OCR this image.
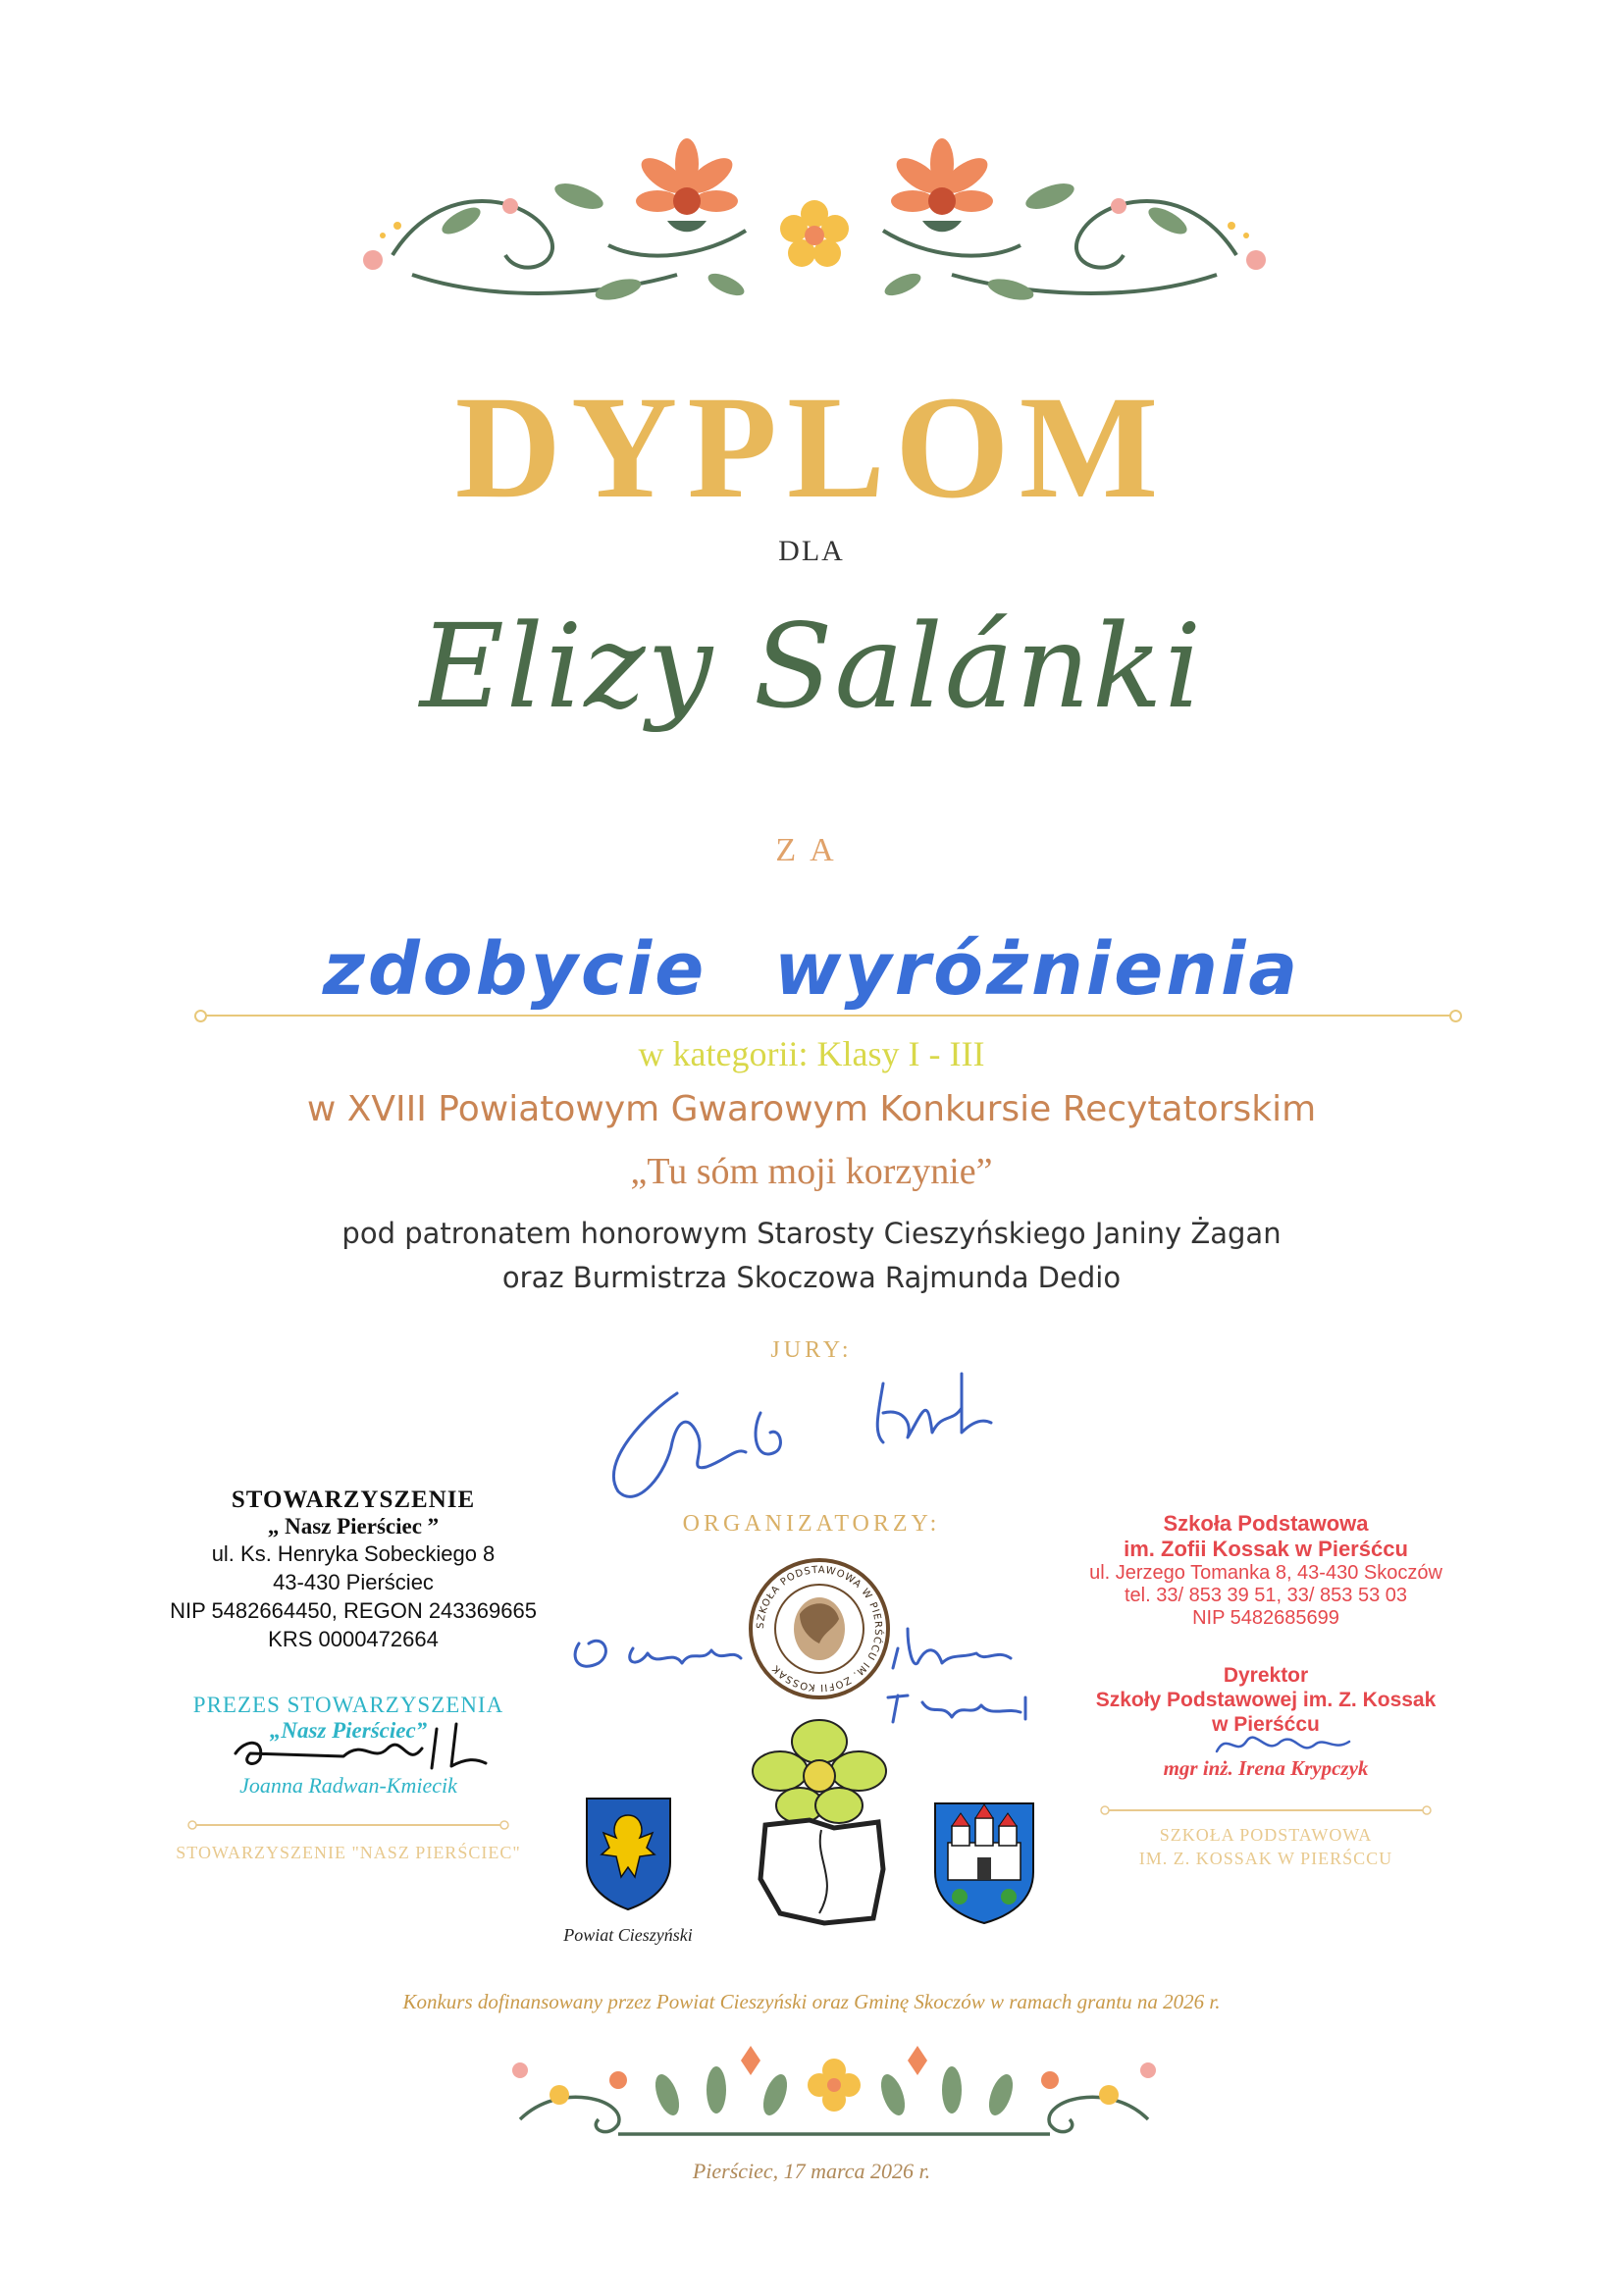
DYPLOM
DLA
Elizy Salánki
ZA
zdobycie wyróżnienia
w kategorii: Klasy I - III
w XVIII Powiatowym Gwarowym Konkursie Recytatorskim
„Tu sóm moji korzynie”
pod patronatem honorowym Starosty Cieszyńskiego Janiny Żagan
oraz Burmistrza Skoczowa Rajmunda Dedio
JURY:
ORGANIZATORZY:
STOWARZYSZENIE
„ Nasz Pierściec ”
ul. Ks. Henryka Sobeckiego 8
43-430 Pierściec
NIP 5482664450, REGON 243369665
KRS 0000472664
PREZES STOWARZYSZENIA
„Nasz Pierściec”
Joanna Radwan-Kmiecik
STOWARZYSZENIE "NASZ PIERŚCIEC"
SZKOŁA PODSTAWOWA W PIERŚĆCU IM. ZOFII KOSSAK
Powiat Cieszyński
Szkoła Podstawowa
im. Zofii Kossak w Pierśćcu
ul. Jerzego Tomanka 8, 43-430 Skoczów
tel. 33/ 853 39 51, 33/ 853 53 03
NIP 5482685699
Dyrektor
Szkoły Podstawowej im. Z. Kossak
w Pierśćcu
mgr inż. Irena Krypczyk
SZKOŁA PODSTAWOWA
IM. Z. KOSSAK W PIERŚCCU
Konkurs dofinansowany przez Powiat Cieszyński oraz Gminę Skoczów w ramach grantu na 2026 r.
Pierściec, 17 marca 2026 r.
